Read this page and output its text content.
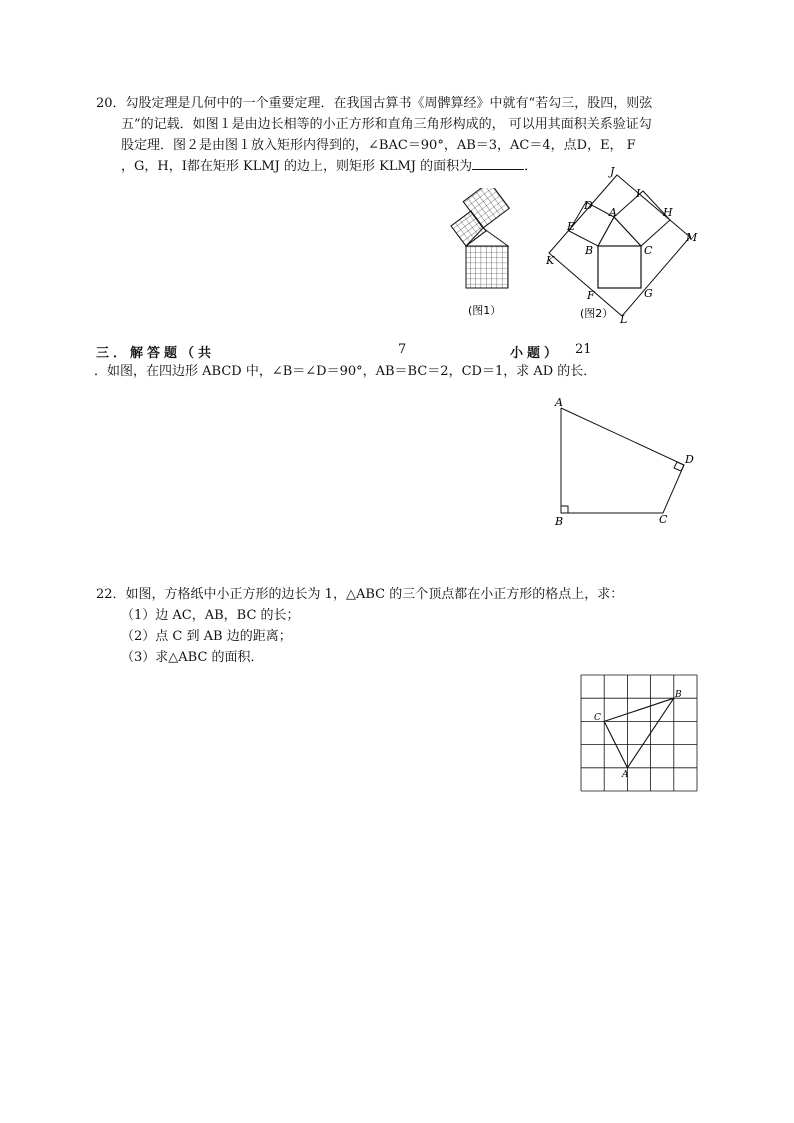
20．勾股定理是几何中的一个重要定理．在我国古算书《周髀算经》中就有“若勾三，股四，则弦

五”的记载．如图１是由边长相等的小正方形和直角三角形构成的， 可以用其面积关系验证勾

股定理．图２是由图１放入矩形内得到的，∠BAC＝90°，AB＝3，AC＝4，点D，E， F

，G，H，I都在矩形 KLMJ 的边上，则矩形 KLMJ 的面积为	．

(图1）
J
I
D
A	H
E
M
B	C
K
F	G
L
(图2）
三．解答题（共	7	小题） 21

．如图，在四边形 ABCD 中，∠B＝∠D＝90°，AB＝BC＝2，CD＝1，求 AD 的长．

A
B	C
D

22．如图，方格纸中小正方形的边长为 1，△ABC 的三个顶点都在小正方形的格点上，求：

（1）边 AC，AB，BC 的长；

（2）点 C 到 AB 边的距离；

（3）求△ABC 的面积．

C
B
A
